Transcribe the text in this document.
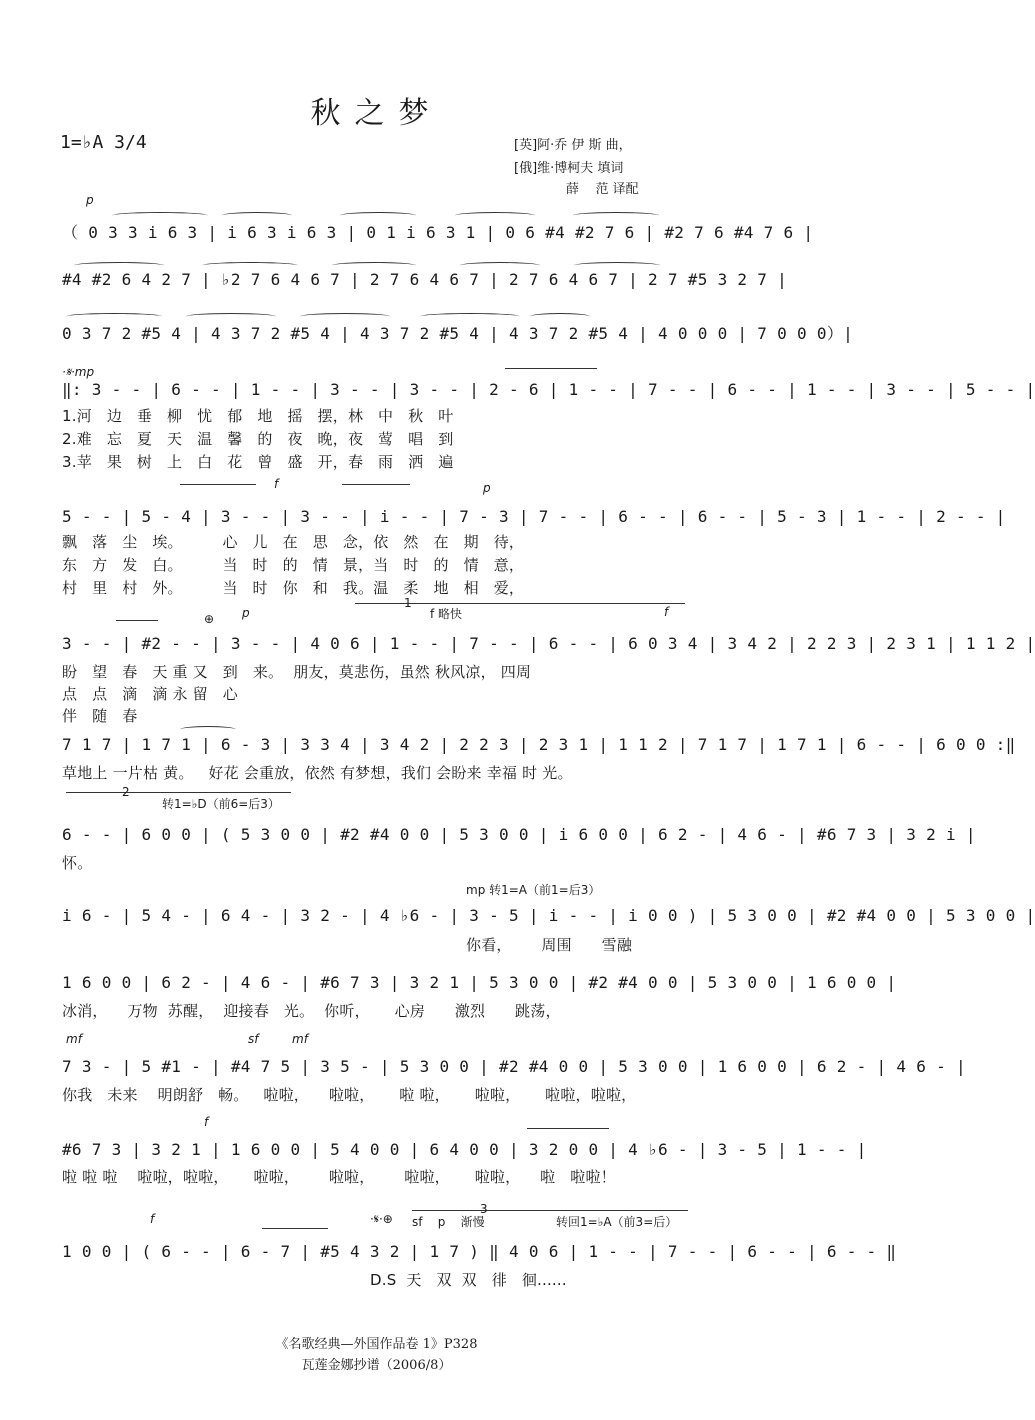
秋之梦
1=♭A 3/4	[英]阿·乔 伊 斯 曲，
[俄]维·博柯夫 填词
薛    范 译配
p
（ 0 3 3 i 6 3 | i 6 3 i 6 3 | 0 1 i 6 3 1 | 0 6 #4 #2 7 6 | #2 7 6 #4 7 6 |
#4 #2 6 4 2 7 | ♭2 7 6 4 6 7 | 2 7 6 4 6 7 | 2 7 6 4 6 7 | 2 7 #5 3 2 7 |
0 3 7 2 #5 4 | 4 3 7 2 #5 4 | 4 3 7 2 #5 4 | 4 3 7 2 #5 4 | 4 0 0 0 | 7 0 0 0）|
·𝄋·mp
‖: 3 - - | 6 - - | 1 - - | 3 - - | 3 - - | 2 - 6 | 1 - - | 7 - - | 6 - - | 1 - - | 3 - - | 5 - - |
1.河   边   垂   柳   忧   郁   地   摇   摆，林   中   秋   叶
2.难   忘   夏   天   温   馨   的   夜   晚，夜   莺   唱   到
3.苹   果   树   上   白   花   曾   盛   开，春   雨   洒   遍
f	p
5 - - | 5 - 4 | 3 - - | 3 - - | i - - | 7 - 3 | 7 - - | 6 - - | 6 - - | 5 - 3 | 1 - - | 2 - - |
飘   落   尘   埃。        心   儿   在   思   念，依   然   在   期   待，
东   方   发   白。        当   时   的   情   景，当   时   的   情   意，
村   里   村   外。        当   时   你   和   我。温   柔   地   相   爱，
⊕ p
1
f 略快	f
3 - - | #2 - - | 3 - - | 4 0 6 | 1 - - | 7 - - | 6 - - | 6 0 3 4 | 3 4 2 | 2 2 3 | 2 3 1 | 1 1 2 |
盼   望   春   天 重 又   到   来。  朋友，莫悲伤，虽然 秋风凉， 四周
点   点   滴   滴 永 留   心
伴   随   春
7 1 7 | 1 7 1 | 6 - 3 | 3 3 4 | 3 4 2 | 2 2 3 | 2 3 1 | 1 1 2 | 7 1 7 | 1 7 1 | 6 - - | 6 0 0 :‖
草地上 一片枯 黄。   好花 会重放，依然 有梦想，我们 会盼来 幸福 时 光。
2
转1=♭D（前6=后3）
6 - - | 6 0 0 | ( 5 3 0 0 | #2 #4 0 0 | 5 3 0 0 | i 6 0 0 | 6 2 - | 4 6 - | #6 7 3 | 3 2 i |
怀。
mp 转1=A（前1=后3）
i 6 - | 5 4 - | 6 4 - | 3 2 - | 4 ♭6 - | 3 - 5 | i - - | i 0 0 ) | 5 3 0 0 | #2 #4 0 0 | 5 3 0 0 |
你看，      周围      雪融
1 6 0 0 | 6 2 - | 4 6 - | #6 7 3 | 3 2 1 | 5 3 0 0 | #2 #4 0 0 | 5 3 0 0 | 1 6 0 0 |
冰消，    万物  苏醒，  迎接春   光。  你听，     心房      激烈      跳荡，
mf	sf	mf
7 3 - | 5 #1 - | #4 7 5 | 3 5 - | 5 3 0 0 | #2 #4 0 0 | 5 3 0 0 | 1 6 0 0 | 6 2 - | 4 6 - |
你我   未来    明朗舒   畅。   啦啦，    啦啦，     啦 啦，     啦啦，     啦啦，啦啦，
f
#6 7 3 | 3 2 1 | 1 6 0 0 | 5 4 0 0 | 6 4 0 0 | 3 2 0 0 | 4 ♭6 - | 3 - 5 | 1 - - |
啦 啦 啦    啦啦，啦啦，     啦啦，      啦啦，      啦啦，     啦啦，    啦   啦啦！
f	·𝄋·⊕
3
sf    p    渐慢	转回1=♭A（前3=后）
1 0 0 | ( 6 - - | 6 - 7 | #5 4 3 2 | 1 7 ) ‖ 4 0 6 | 1 - - | 7 - - | 6 - - | 6 - - ‖
D.S  天   双  双   徘   徊......
《名歌经典—外国作品卷 1》P328
瓦莲金娜抄谱（2006/8）
